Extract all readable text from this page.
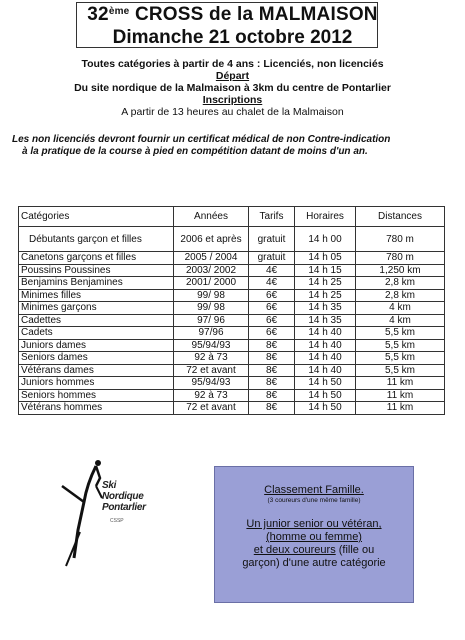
32ème CROSS de la MALMAISON
Dimanche 21 octobre 2012
Toutes catégories à partir de 4 ans : Licenciés, non licenciés
Départ
Du site nordique de la Malmaison à 3km du centre de Pontarlier
Inscriptions
A partir de 13 heures au chalet de la Malmaison
Les non licenciés devront fournir un certificat médical de non Contre-indication
à la pratique de la course à pied en compétition datant de moins d'un an.
Catégories	Années	Tarifs	Horaires	Distances
Débutants garçon et filles	2006 et après	gratuit	14 h 00	780 m
Canetons garçons et filles	2005 / 2004	gratuit	14 h 05	780 m
Poussins Poussines	2003/ 2002	4€	14 h 15	1,250 km
Benjamins Benjamines	2001/ 2000	4€	14 h 25	2,8 km
Minimes filles	99/ 98	6€	14 h 25	2,8 km
Minimes garçons	99/ 98	6€	14 h 35	4 km
Cadettes	97/ 96	6€	14 h 35	4 km
Cadets	97/96	6€	14 h 40	5,5 km
Juniors dames	95/94/93	8€	14 h 40	5,5 km
Seniors dames	92 à 73	8€	14 h 40	5,5 km
Vétérans dames	72 et avant	8€	14 h 40	5,5 km
Juniors hommes	95/94/93	8€	14 h 50	11 km
Seniors hommes	92 à 73	8€	14 h 50	11 km
Vétérans hommes	72 et avant	8€	14 h 50	11 km
Ski
Nordique
Pontarlier
CSSP
Classement Famille.
(3 coureurs d'une même famille)
Un junior senior ou vétéran,
(homme ou femme)
et deux coureurs (fille ou
garçon) d'une autre catégorie
